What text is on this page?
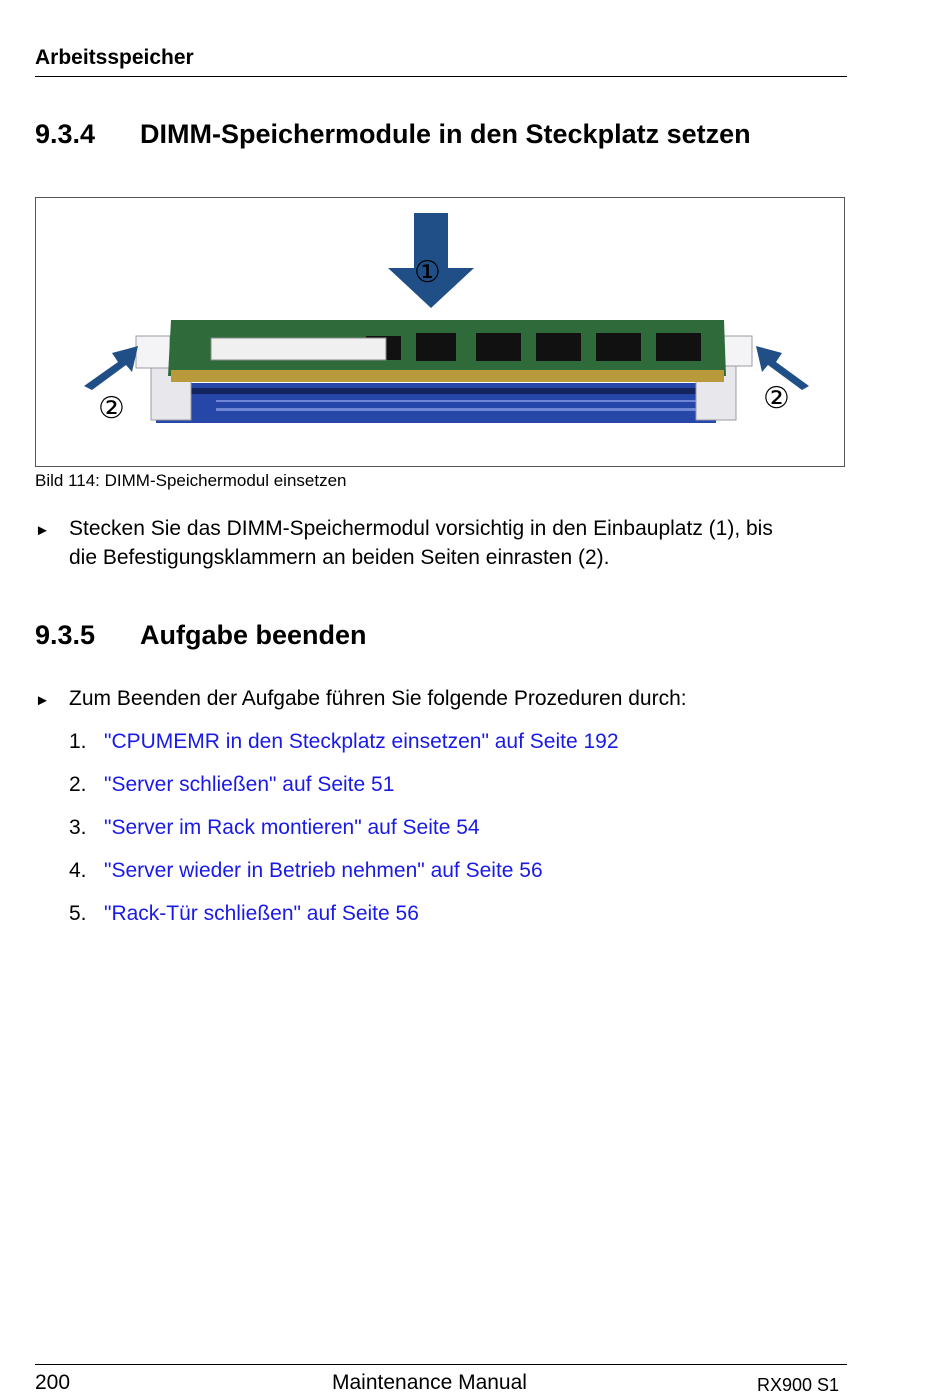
Arbeitsspeicher
9.3.4 DIMM-Speichermodule in den Steckplatz setzen
①
②	②
Bild 114: DIMM-Speichermodul einsetzen
► Stecken Sie das DIMM-Speichermodul vorsichtig in den Einbauplatz (1), bis
die Befestigungsklammern an beiden Seiten einrasten (2).
9.3.5 Aufgabe beenden
► Zum Beenden der Aufgabe führen Sie folgende Prozeduren durch:
1. "CPUMEMR in den Steckplatz einsetzen" auf Seite 192
2. "Server schließen" auf Seite 51
3. "Server im Rack montieren" auf Seite 54
4. "Server wieder in Betrieb nehmen" auf Seite 56
5. "Rack-Tür schließen" auf Seite 56
200	Maintenance Manual	RX900 S1
